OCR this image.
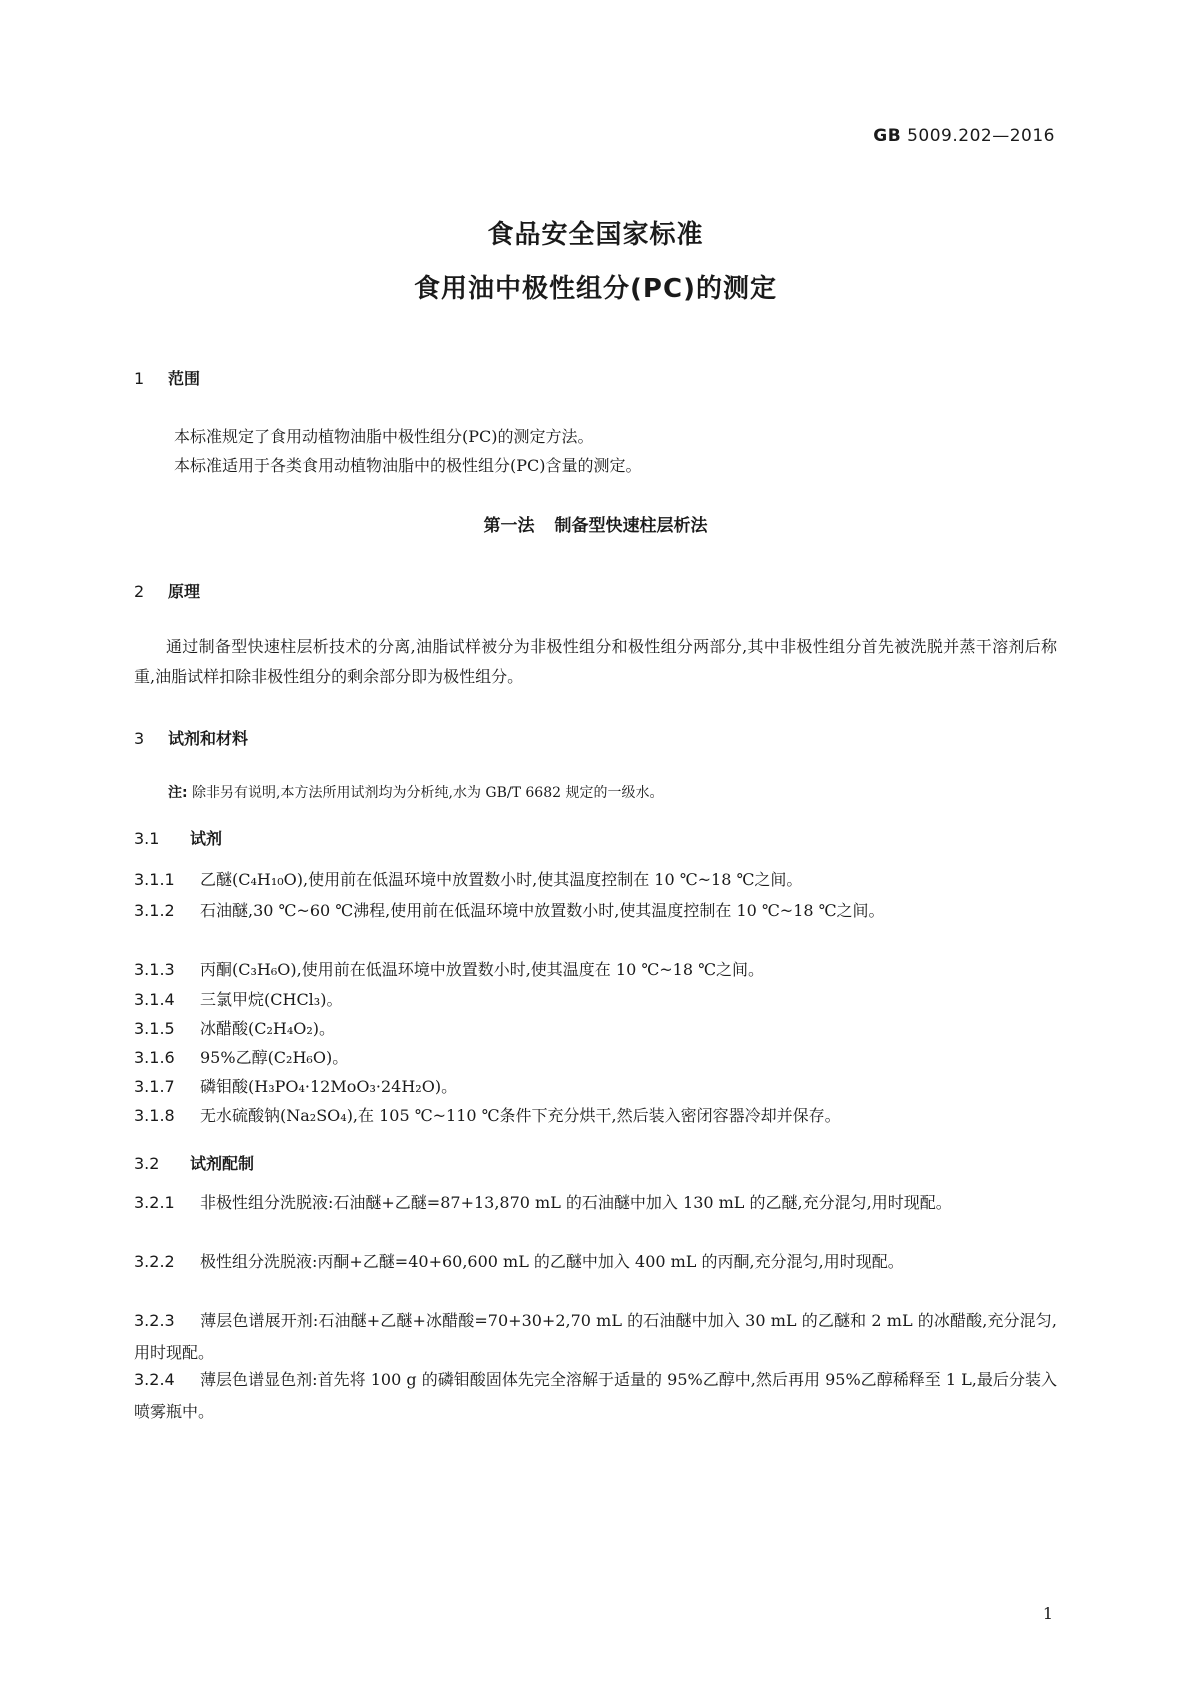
GB 5009.202—2016
食品安全国家标准
食用油中极性组分(PC)的测定
1 范围
本标准规定了食用动植物油脂中极性组分(PC)的测定方法。
本标准适用于各类食用动植物油脂中的极性组分(PC)含量的测定。
第一法 制备型快速柱层析法
2 原理
通过制备型快速柱层析技术的分离,油脂试样被分为非极性组分和极性组分两部分,其中非极性组分首先被洗脱并蒸干溶剂后称重,油脂试样扣除非极性组分的剩余部分即为极性组分。
3 试剂和材料
注: 除非另有说明,本方法所用试剂均为分析纯,水为 GB/T 6682 规定的一级水。
3.1 试剂
3.1.1 乙醚(C₄H₁₀O),使用前在低温环境中放置数小时,使其温度控制在 10 ℃~18 ℃之间。
3.1.2 石油醚,30 ℃~60 ℃沸程,使用前在低温环境中放置数小时,使其温度控制在 10 ℃~18 ℃之间。
3.1.3 丙酮(C₃H₆O),使用前在低温环境中放置数小时,使其温度在 10 ℃~18 ℃之间。
3.1.4 三氯甲烷(CHCl₃)。
3.1.5 冰醋酸(C₂H₄O₂)。
3.1.6 95%乙醇(C₂H₆O)。
3.1.7 磷钼酸(H₃PO₄·12MoO₃·24H₂O)。
3.1.8 无水硫酸钠(Na₂SO₄),在 105 ℃~110 ℃条件下充分烘干,然后装入密闭容器冷却并保存。
3.2 试剂配制
3.2.1 非极性组分洗脱液:石油醚+乙醚=87+13,870 mL 的石油醚中加入 130 mL 的乙醚,充分混匀,用时现配。
3.2.2 极性组分洗脱液:丙酮+乙醚=40+60,600 mL 的乙醚中加入 400 mL 的丙酮,充分混匀,用时现配。
3.2.3 薄层色谱展开剂:石油醚+乙醚+冰醋酸=70+30+2,70 mL 的石油醚中加入 30 mL 的乙醚和 2 mL 的冰醋酸,充分混匀,用时现配。
3.2.4 薄层色谱显色剂:首先将 100 g 的磷钼酸固体先完全溶解于适量的 95%乙醇中,然后再用 95%乙醇稀释至 1 L,最后分装入喷雾瓶中。
1
